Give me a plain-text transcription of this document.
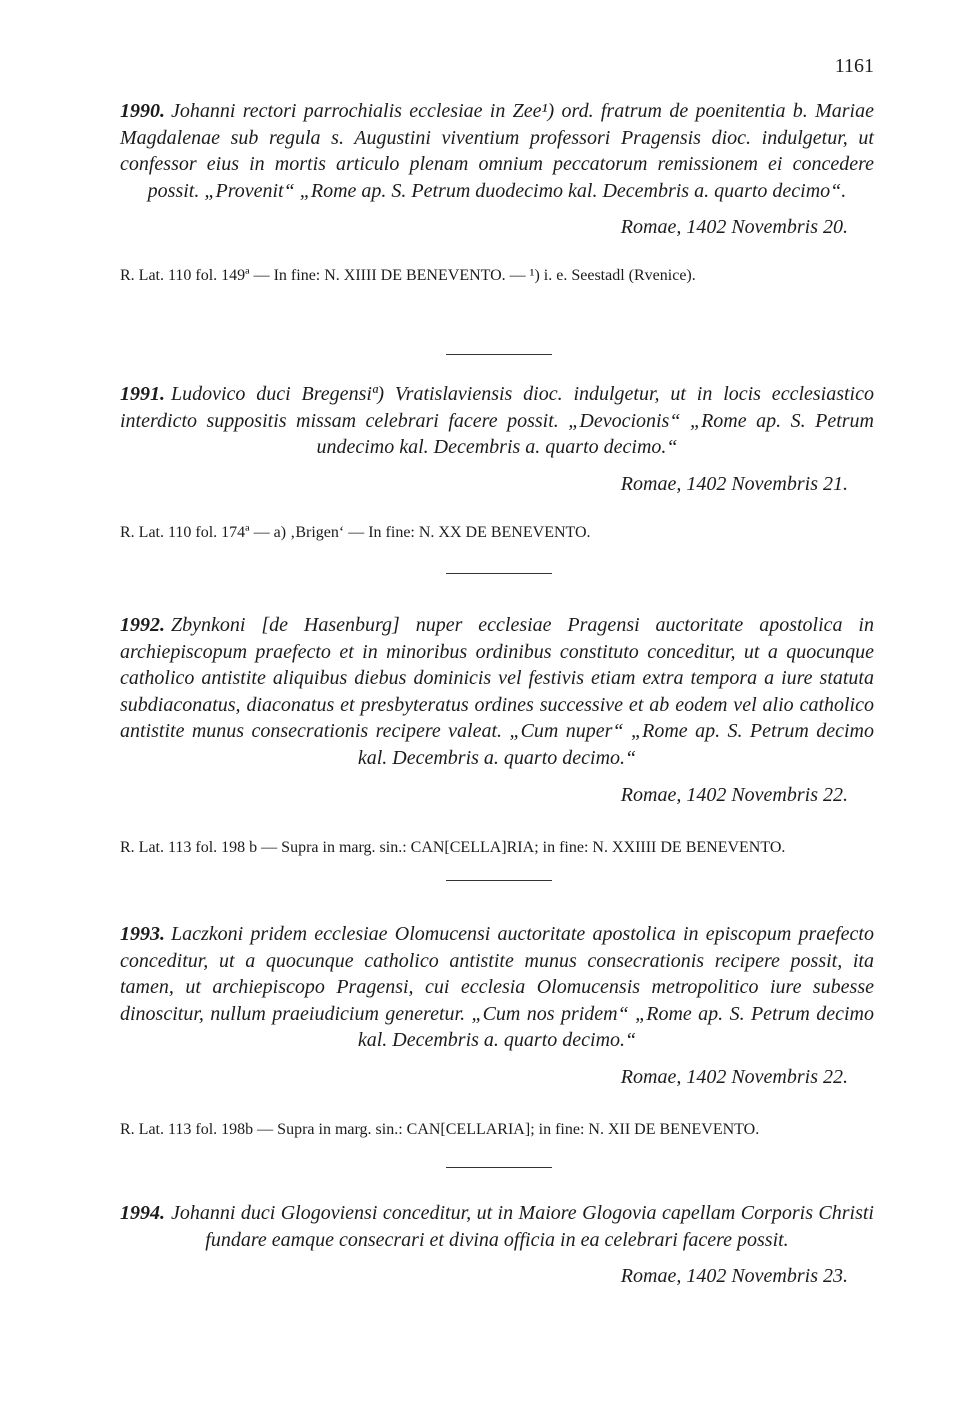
1161

1990. Johanni rectori parrochialis ecclesiae in Zee¹) ord. fratrum de poenitentia b. Mariae Magdalenae sub regula s. Augustini viventium professori Pragensis dioc. indulgetur, ut confessor eius in mortis articulo plenam omnium peccatorum remissionem ei concedere possit. „Provenit“ „Rome ap. S. Petrum duodecimo kal. Decembris a. quarto decimo“.

Romae, 1402 Novembris 20.

R. Lat. 110 fol. 149ª — In fine: N. XIIII DE BENEVENTO. — ¹) i. e. Seestadl (Rvenice).

1991. Ludovico duci Bregensiª) Vratislaviensis dioc. indulgetur, ut in locis ecclesiastico interdicto suppositis missam celebrari facere possit. „Devocionis“ „Rome ap. S. Petrum undecimo kal. Decembris a. quarto decimo.“

Romae, 1402 Novembris 21.

R. Lat. 110 fol. 174ª — a) ‚Brigen‘ — In fine: N. XX DE BENEVENTO.

1992. Zbynkoni [de Hasenburg] nuper ecclesiae Pragensi auctoritate apostolica in archiepiscopum praefecto et in minoribus ordinibus constituto conceditur, ut a quocunque catholico antistite aliquibus diebus dominicis vel festivis etiam extra tempora a iure statuta subdiaconatus, diaconatus et presbyteratus ordines successive et ab eodem vel alio catholico antistite munus consecrationis recipere valeat. „Cum nuper“ „Rome ap. S. Petrum decimo kal. Decembris a. quarto decimo.“

Romae, 1402 Novembris 22.

R. Lat. 113 fol. 198 b — Supra in marg. sin.: CAN[CELLA]RIA; in fine: N. XXIIII DE BENEVENTO.

1993. Laczkoni pridem ecclesiae Olomucensi auctoritate apostolica in episcopum praefecto conceditur, ut a quocunque catholico antistite munus consecrationis recipere possit, ita tamen, ut archiepiscopo Pragensi, cui ecclesia Olomucensis metropolitico iure subesse dinoscitur, nullum praeiudicium generetur. „Cum nos pridem“ „Rome ap. S. Petrum decimo kal. Decembris a. quarto decimo.“

Romae, 1402 Novembris 22.

R. Lat. 113 fol. 198b — Supra in marg. sin.: CAN[CELLARIA]; in fine: N. XII DE BENEVENTO.

1994. Johanni duci Glogoviensi conceditur, ut in Maiore Glogovia capellam Corporis Christi fundare eamque consecrari et divina officia in ea celebrari facere possit.

Romae, 1402 Novembris 23.
